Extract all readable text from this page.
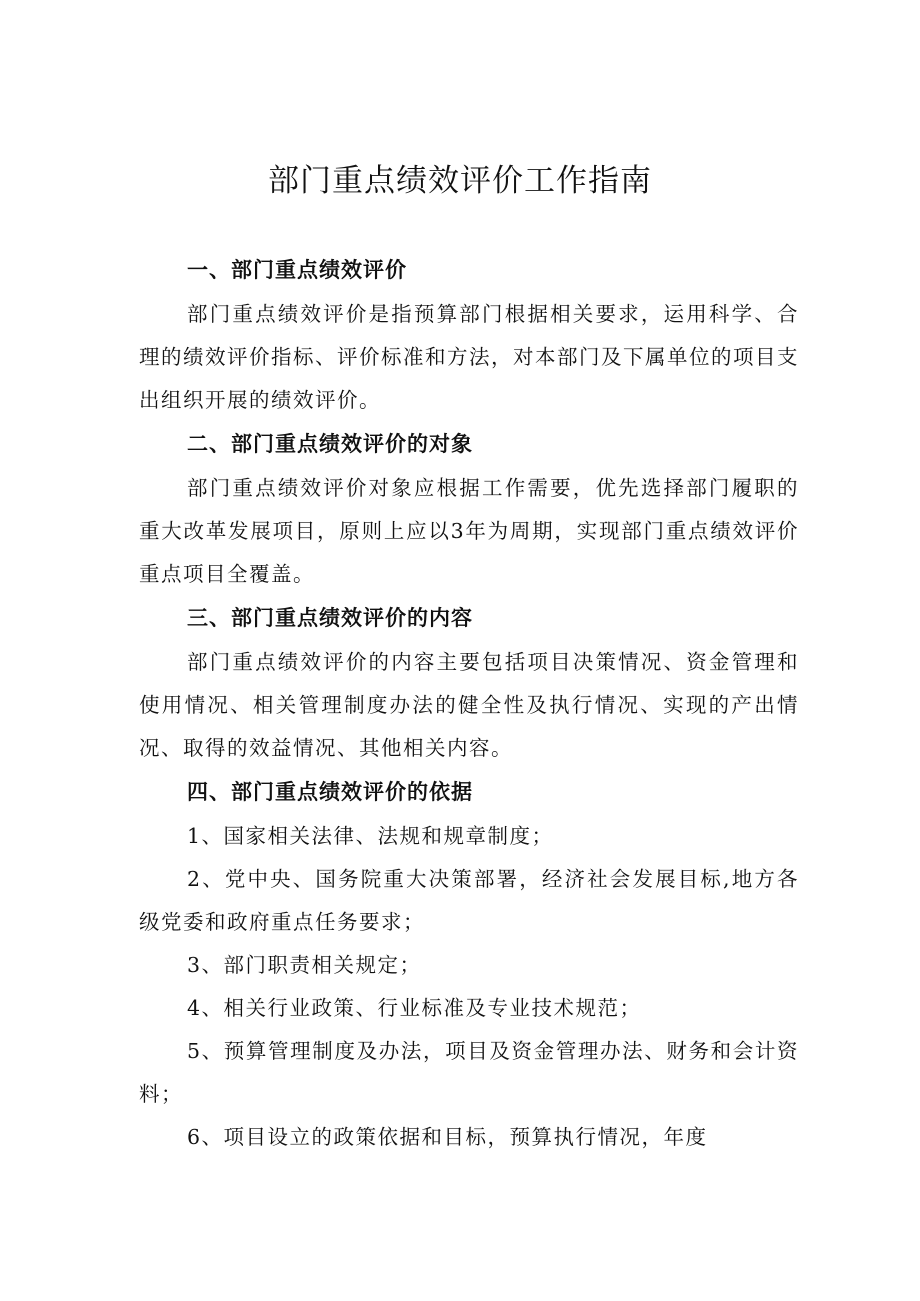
部门重点绩效评价工作指南
一、部门重点绩效评价

部门重点绩效评价是指预算部门根据相关要求，运用科学、合理的绩效评价指标、评价标准和方法，对本部门及下属单位的项目支出组织开展的绩效评价。

二、部门重点绩效评价的对象

部门重点绩效评价对象应根据工作需要，优先选择部门履职的重大改革发展项目，原则上应以3年为周期，实现部门重点绩效评价重点项目全覆盖。

三、部门重点绩效评价的内容

部门重点绩效评价的内容主要包括项目决策情况、资金管理和使用情况、相关管理制度办法的健全性及执行情况、实现的产出情况、取得的效益情况、其他相关内容。

四、部门重点绩效评价的依据

1、国家相关法律、法规和规章制度；

2、党中央、国务院重大决策部署，经济社会发展目标,地方各级党委和政府重点任务要求；

3、部门职责相关规定；

4、相关行业政策、行业标准及专业技术规范；

5、预算管理制度及办法，项目及资金管理办法、财务和会计资料；

6、项目设立的政策依据和目标，预算执行情况，年度
